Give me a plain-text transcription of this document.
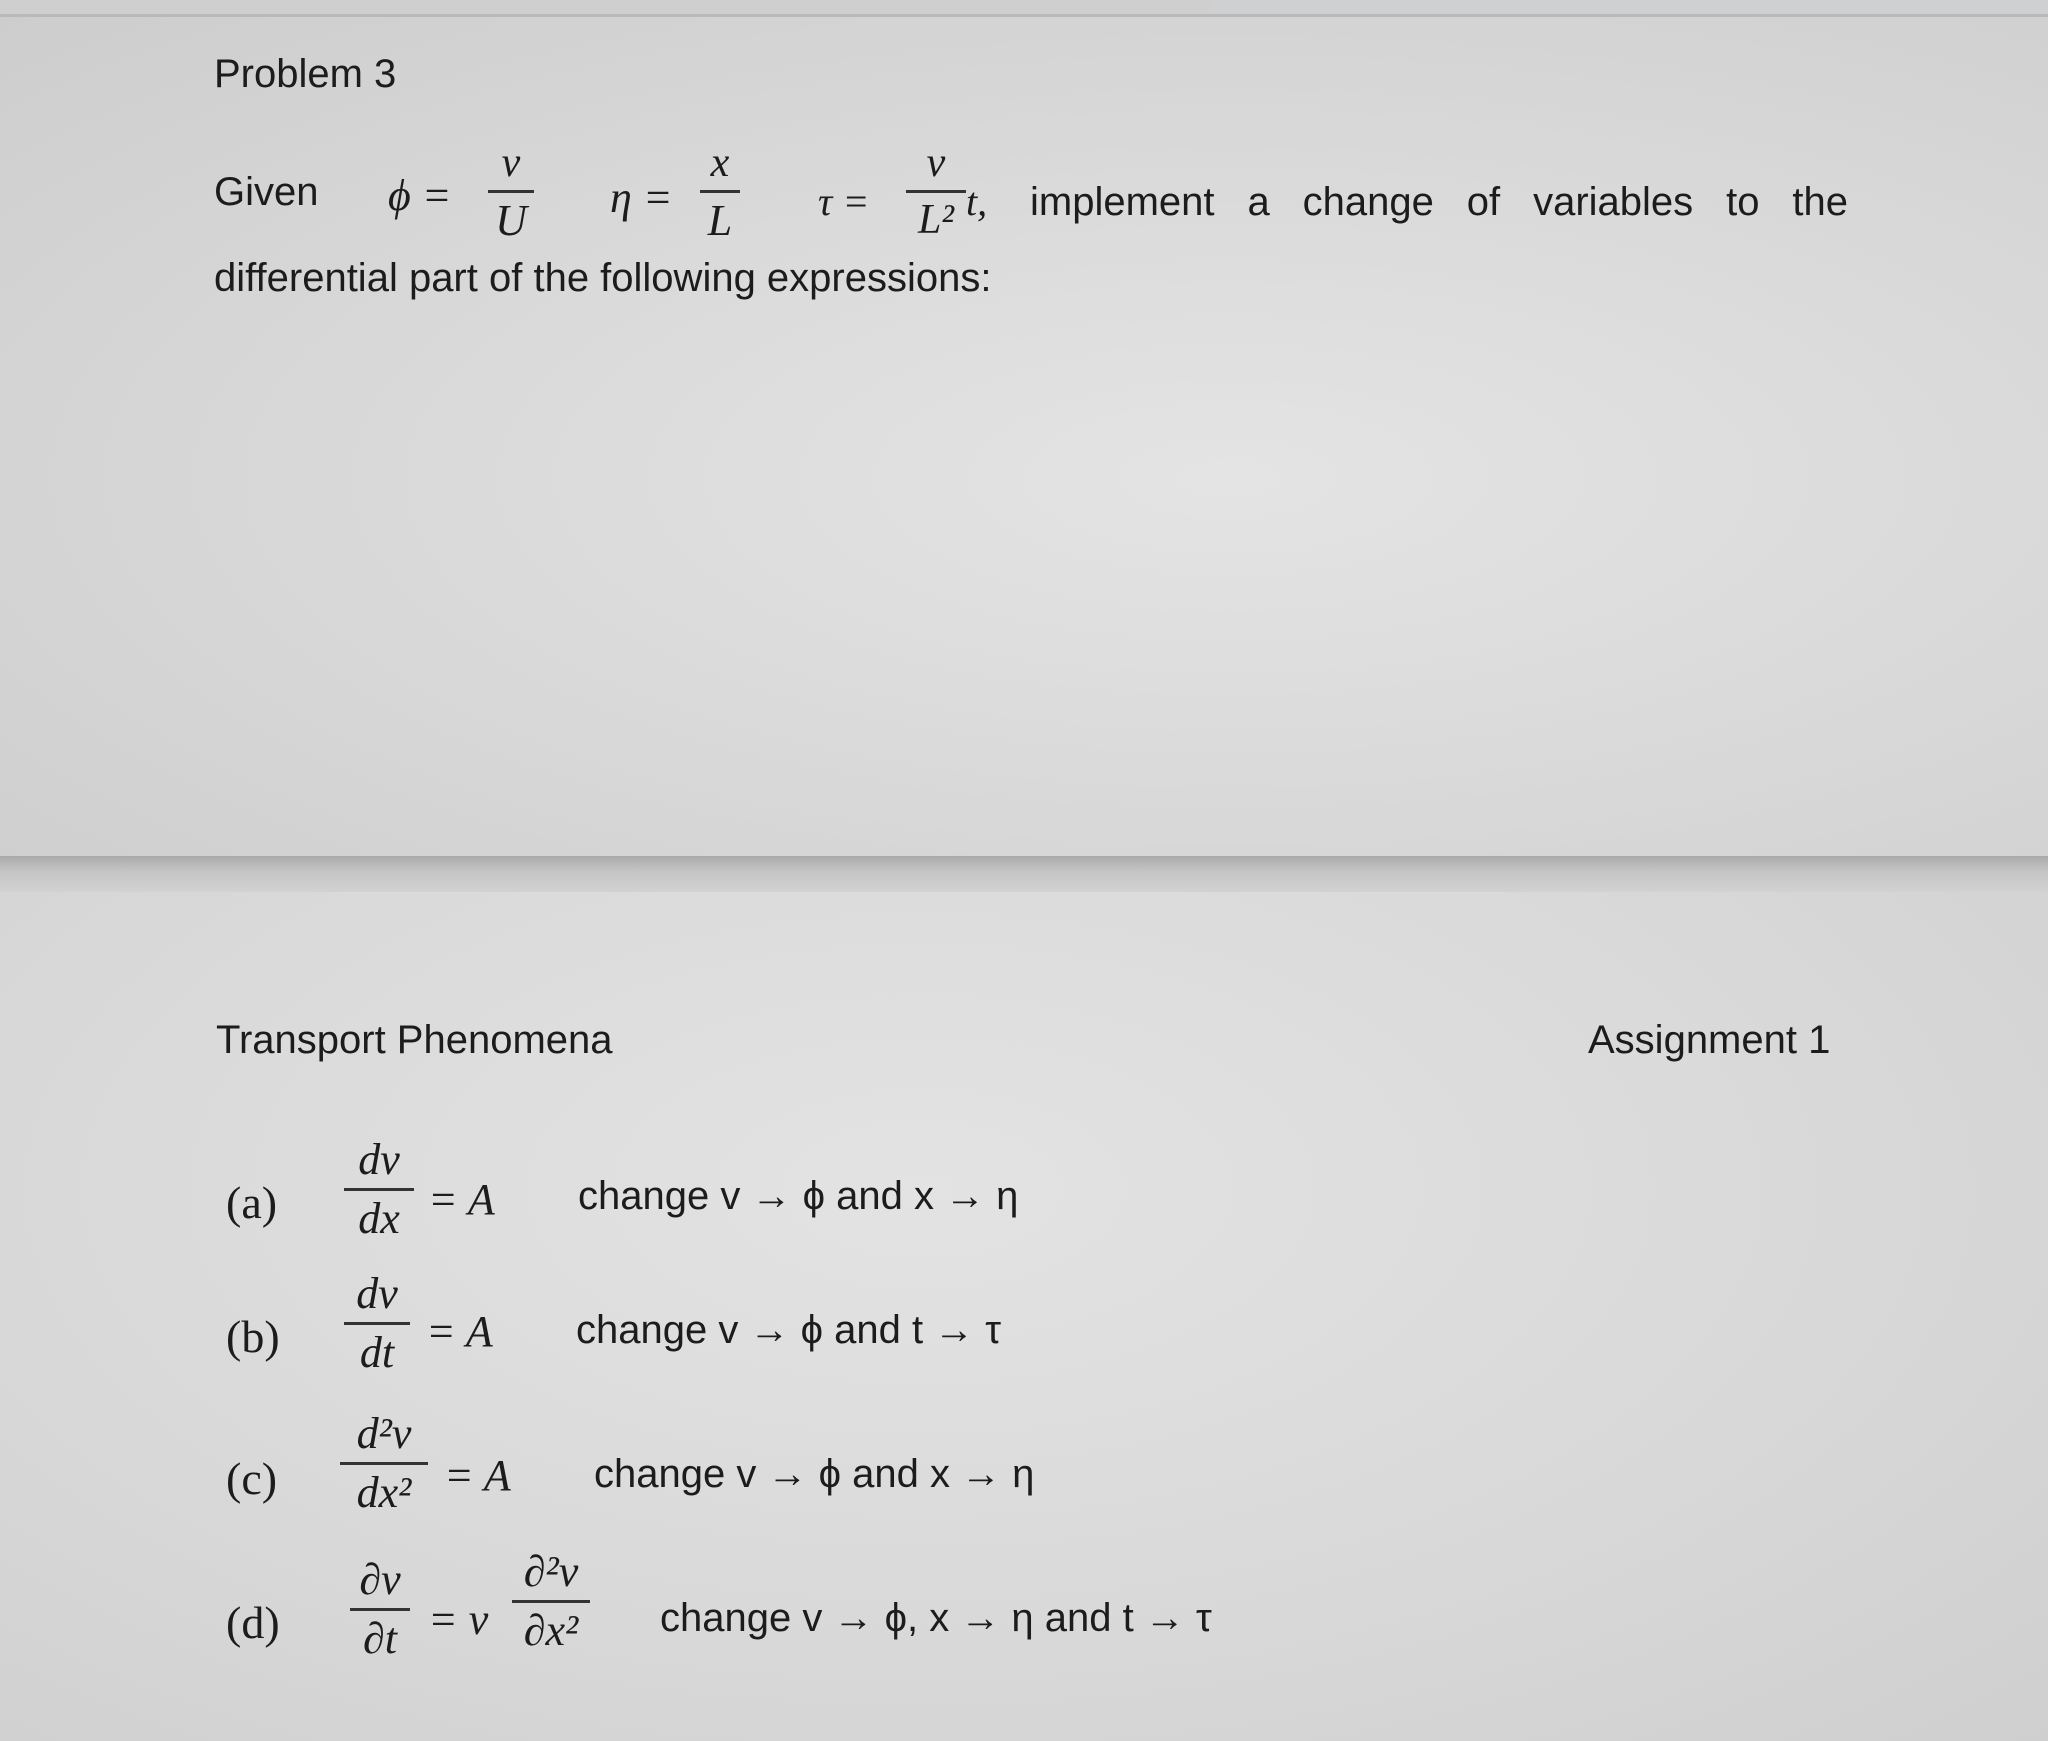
Problem 3
Given ϕ =
v
U η =
x
L τ =
ν
L² t, implement a change of variables to the
differential part of the following expressions:
Transport Phenomena	Assignment 1
(a)
dv
dx = A change v → ϕ and x → η
(b)
dv
dt = A change v → ϕ and t → τ
(c)
d²v
dx² = A change v → ϕ and x → η
(d)
∂v
∂t = ν
∂²v
∂x² change v → ϕ, x → η and t → τ
